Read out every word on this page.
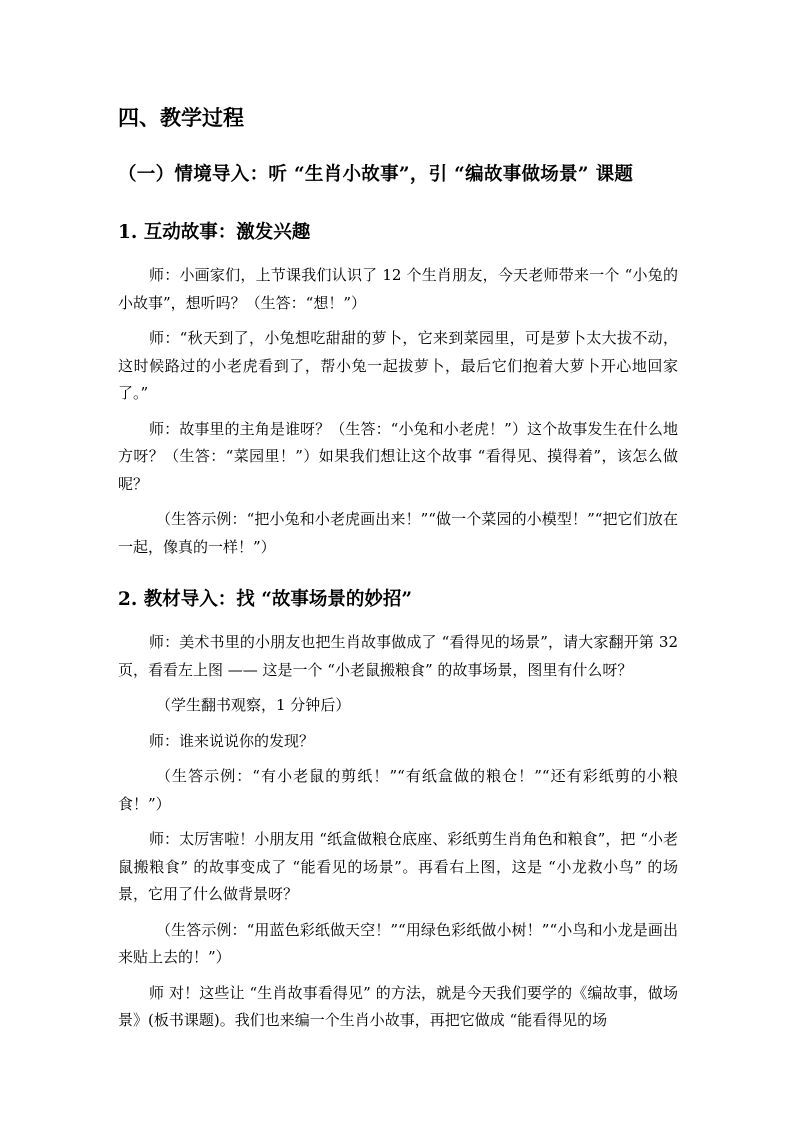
四、教学过程
（一）情境导入：听 “生肖小故事”，引 “编故事做场景” 课题
1. 互动故事：激发兴趣

师：小画家们，上节课我们认识了 12 个生肖朋友，今天老师带来一个 “小兔的小故事”，想听吗？（生答：“想！”）

师：“秋天到了，小兔想吃甜甜的萝卜，它来到菜园里，可是萝卜太大拔不动，这时候路过的小老虎看到了，帮小兔一起拔萝卜，最后它们抱着大萝卜开心地回家了。”

师：故事里的主角是谁呀？（生答：“小兔和小老虎！”）这个故事发生在什么地方呀？（生答：“菜园里！”）如果我们想让这个故事 “看得见、摸得着”，该怎么做呢？

（生答示例：“把小兔和小老虎画出来！”“做一个菜园的小模型！”“把它们放在一起，像真的一样！”）

2. 教材导入：找 “故事场景的妙招”

师：美术书里的小朋友也把生肖故事做成了 “看得见的场景”，请大家翻开第 32 页，看看左上图 —— 这是一个 “小老鼠搬粮食” 的故事场景，图里有什么呀？

（学生翻书观察，1 分钟后）

师：谁来说说你的发现？

（生答示例：“有小老鼠的剪纸！”“有纸盒做的粮仓！”“还有彩纸剪的小粮食！”）

师：太厉害啦！小朋友用 “纸盒做粮仓底座、彩纸剪生肖角色和粮食”，把 “小老鼠搬粮食” 的故事变成了 “能看见的场景”。再看右上图，这是 “小龙救小鸟” 的场景，它用了什么做背景呀？

（生答示例：“用蓝色彩纸做天空！”“用绿色彩纸做小树！”“小鸟和小龙是画出来贴上去的！”）

师 对！这些让 “生肖故事看得见” 的方法，就是今天我们要学的《编故事，做场景》(板书课题)。我们也来编一个生肖小故事，再把它做成 “能看得见的场
